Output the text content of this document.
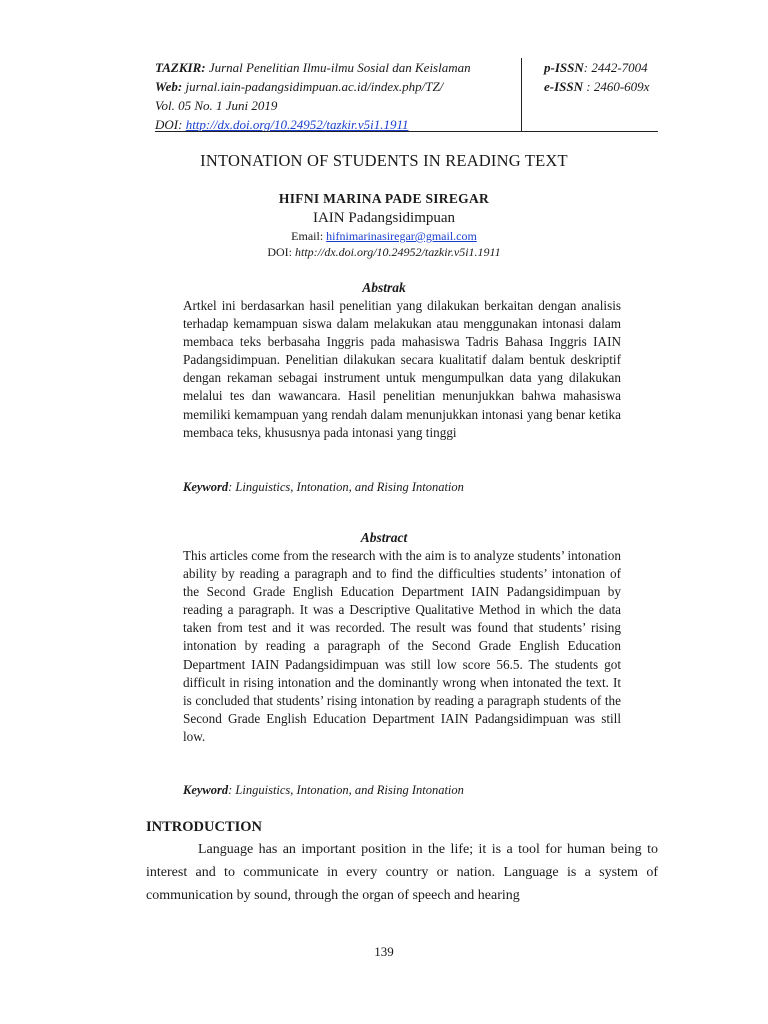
TAZKIR: Jurnal Penelitian Ilmu-ilmu Sosial dan Keislaman
Web: jurnal.iain-padangsidimpuan.ac.id/index.php/TZ/
Vol. 05 No. 1 Juni 2019
DOI: http://dx.doi.org/10.24952/tazkir.v5i1.1911
p-ISSN: 2442-7004
e-ISSN : 2460-609x
INTONATION OF STUDENTS IN READING TEXT
HIFNI MARINA PADE SIREGAR
IAIN Padangsidimpuan
Email: hifnimarinasiregar@gmail.com
DOI: http://dx.doi.org/10.24952/tazkir.v5i1.1911
Abstrak
Artkel ini berdasarkan hasil penelitian yang dilakukan berkaitan dengan analisis terhadap kemampuan siswa dalam melakukan atau menggunakan intonasi dalam membaca teks berbasaha Inggris pada mahasiswa Tadris Bahasa Inggris IAIN Padangsidimpuan. Penelitian dilakukan secara kualitatif dalam bentuk deskriptif dengan rekaman sebagai instrument untuk mengumpulkan data yang dilakukan melalui tes dan wawancara. Hasil penelitian menunjukkan bahwa mahasiswa memiliki kemampuan yang rendah dalam menunjukkan intonasi yang benar ketika membaca teks, khususnya pada intonasi yang tinggi
Keyword: Linguistics, Intonation, and Rising Intonation
Abstract
This articles come from the research with the aim is to analyze students’ intonation ability by reading a paragraph and to find the difficulties students’ intonation of the Second Grade English Education Department IAIN Padangsidimpuan by reading a paragraph. It was a Descriptive Qualitative Method in which the data taken from test and it was recorded. The result was found that students’ rising intonation by reading a paragraph of the Second Grade English Education Department IAIN Padangsidimpuan was still low score 56.5. The students got difficult in rising intonation and the dominantly wrong when intonated the text. It is concluded that students’ rising intonation by reading a paragraph students of the Second Grade English Education Department IAIN Padangsidimpuan was still low.
Keyword: Linguistics, Intonation, and Rising Intonation
INTRODUCTION
Language has an important position in the life; it is a tool for human being to interest and to communicate in every country or nation. Language is a system of communication by sound, through the organ of speech and hearing
139
